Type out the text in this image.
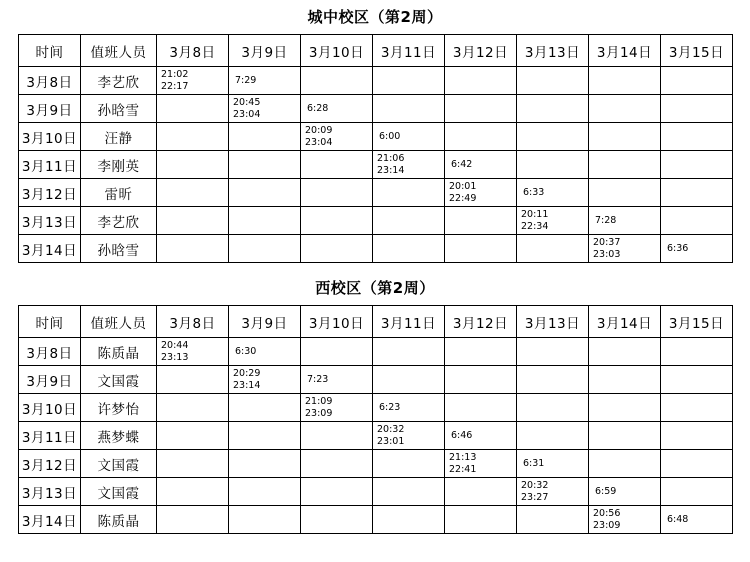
城中校区（第2周）
时间	值班人员	3月8日	3月9日	3月10日	3月11日	3月12日	3月13日	3月14日	3月15日
3月8日	李艺欣	21:02
22:17	7:29						

3月9日	孙晗雪		20:45
23:04	6:28					

3月10日	汪静			20:09
23:04	6:00				

3月11日	李刚英				21:06
23:14	6:42			

3月12日	雷昕					20:01
22:49	6:33		

3月13日	李艺欣						20:11
22:34	7:28	

3月14日	孙晗雪							20:37
23:03	6:36
西校区（第2周）
时间	值班人员	3月8日	3月9日	3月10日	3月11日	3月12日	3月13日	3月14日	3月15日
3月8日	陈质晶	20:44
23:13	6:30						

3月9日	文国霞		20:29
23:14	7:23					

3月10日	许梦怡			21:09
23:09	6:23				

3月11日	燕梦蝶				20:32
23:01	6:46			

3月12日	文国霞					21:13
22:41	6:31		

3月13日	文国霞						20:32
23:27	6:59	

3月14日	陈质晶							20:56
23:09	6:48
